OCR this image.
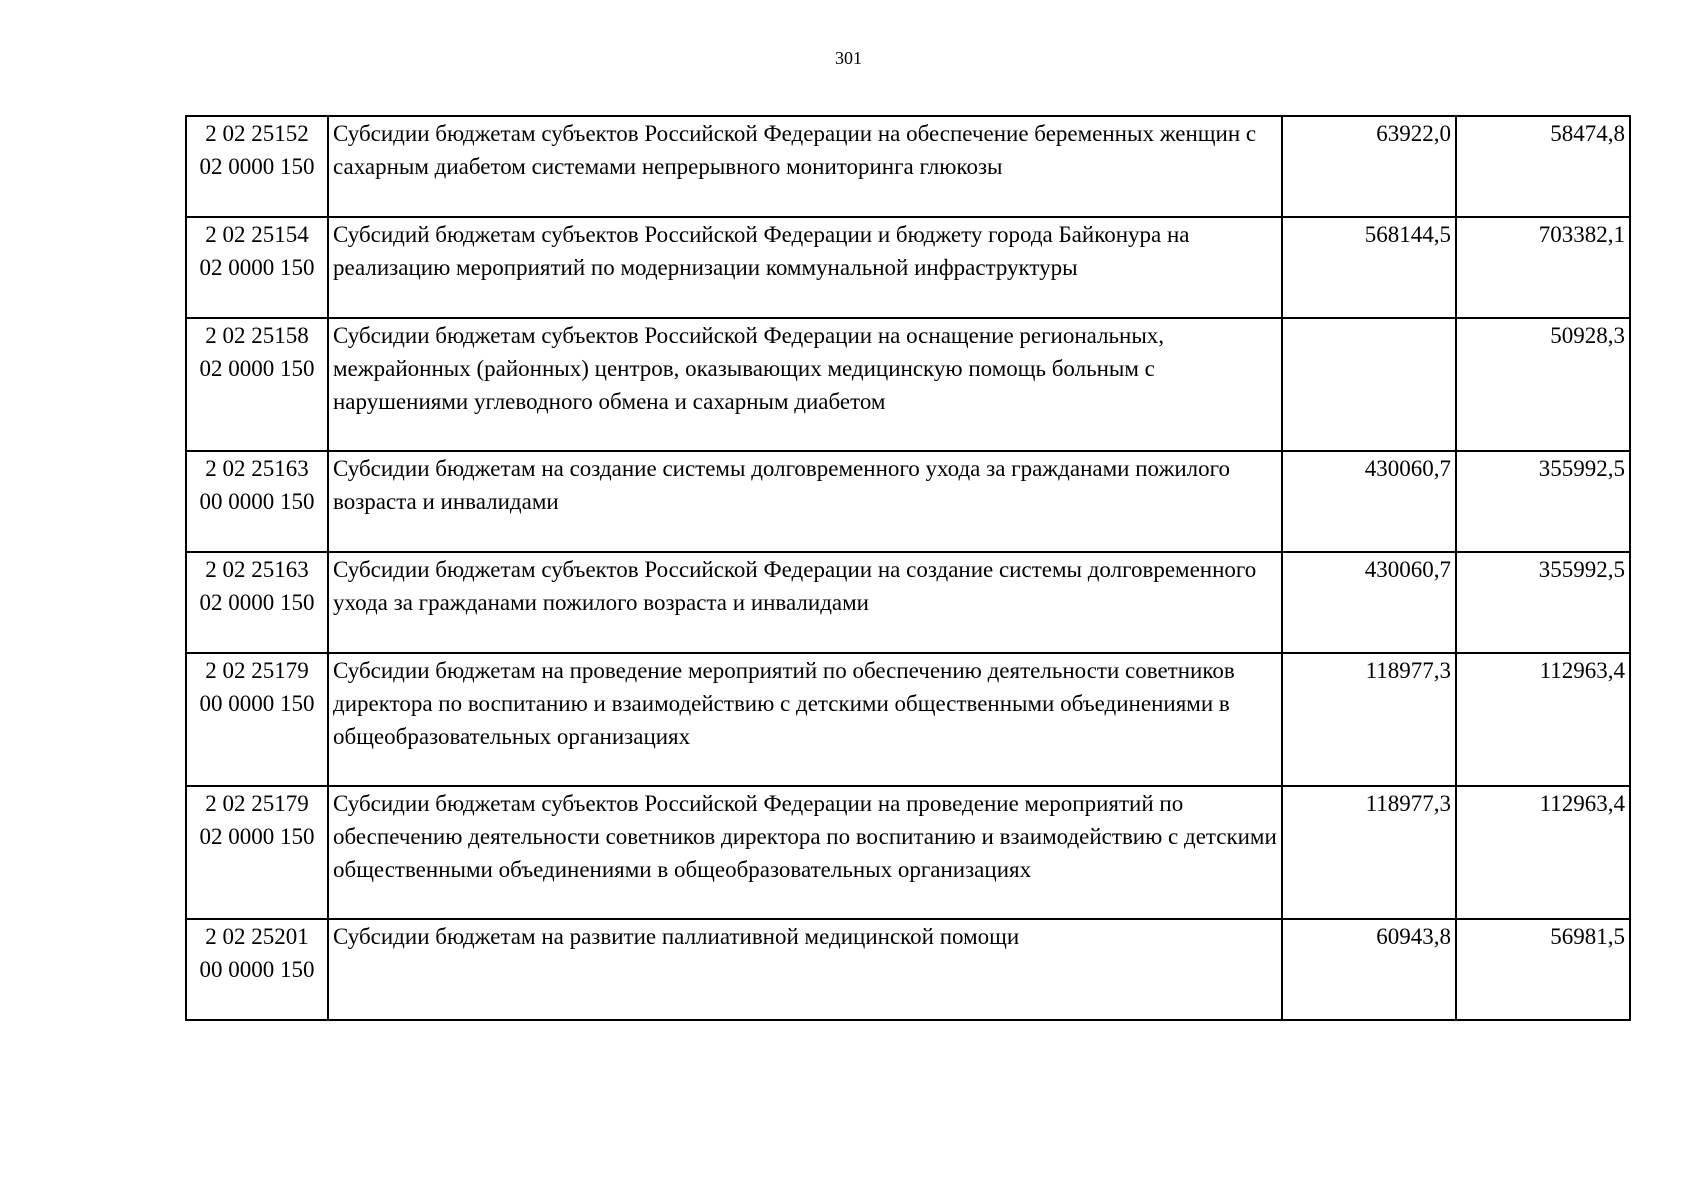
301
2 02 25152
02 0000 150	Субсидии бюджетам субъектов Российской Федерации на обеспечение беременных женщин с сахарным диабетом системами непрерывного мониторинга глюкозы	63922,0	58474,8
2 02 25154
02 0000 150	Субсидий бюджетам субъектов Российской Федерации и бюджету города Байконура на реализацию мероприятий по модернизации коммунальной инфраструктуры	568144,5	703382,1
2 02 25158
02 0000 150	Субсидии бюджетам субъектов Российской Федерации на оснащение региональных, межрайонных (районных) центров, оказывающих медицинскую помощь больным с нарушениями углеводного обмена и сахарным диабетом		50928,3
2 02 25163
00 0000 150	Субсидии бюджетам на создание системы долговременного ухода за гражданами пожилого возраста и инвалидами	430060,7	355992,5
2 02 25163
02 0000 150	Субсидии бюджетам субъектов Российской Федерации на создание системы долговременного ухода за гражданами пожилого возраста и инвалидами	430060,7	355992,5
2 02 25179
00 0000 150	Субсидии бюджетам на проведение мероприятий по обеспечению деятельности советников директора по воспитанию и взаимодействию с детскими общественными объединениями в общеобразовательных организациях	118977,3	112963,4
2 02 25179
02 0000 150	Субсидии бюджетам субъектов Российской Федерации на проведение мероприятий по обеспечению деятельности советников директора по воспитанию и взаимодействию с детскими общественными объединениями в общеобразовательных организациях	118977,3	112963,4
2 02 25201
00 0000 150	Субсидии бюджетам на развитие паллиативной медицинской помощи	60943,8	56981,5
